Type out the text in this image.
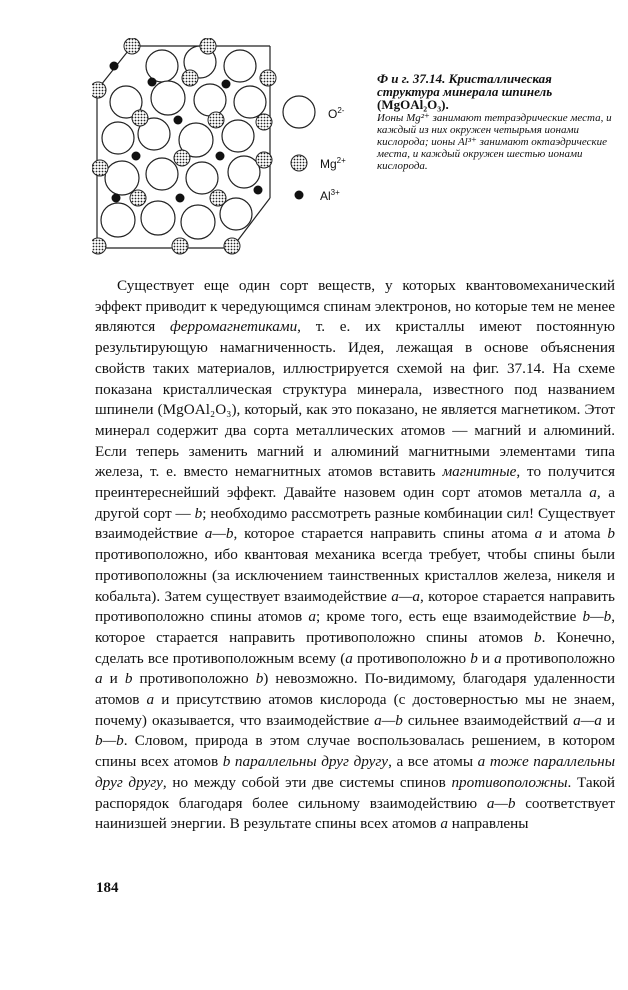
$O^{2-}$
$Mg^{2+}$
$Al^{3+}$
Ф и г. 37.14. Кристаллическая структура минерала шпинель (MgOAl₂O₃).
Ионы Mg²⁺ занимают тетраэдрические места, и каждый из них окружен четырьмя ионами кислорода; ионы Al³⁺ занимают октаэдрические места, и каждый окружен шестью ионами кислорода.

Существует еще один сорт веществ, у которых квантовомеханический эффект приводит к чередующимся спинам электронов, но которые тем не менее являются ферромагнетиками, т. е. их кристаллы имеют постоянную результирующую намагниченность. Идея, лежащая в основе объяснения свойств таких материалов, иллюстрируется схемой на фиг. 37.14. На схеме показана кристаллическая структура минерала, известного под названием шпинели (MgOAl₂O₃), который, как это показано, не является магнетиком. Этот минерал содержит два сорта металлических атомов — магний и алюминий. Если теперь заменить магний и алюминий магнитными элементами типа железа, т. е. вместо немагнитных атомов вставить магнитные, то получится преинтереснейший эффект. Давайте назовем один сорт атомов металла а, а другой сорт — b; необходимо рассмотреть разные комбинации сил! Существует взаимодействие а—b, которое старается направить спины атома а и атома b противоположно, ибо квантовая механика всегда требует, чтобы спины были противоположны (за исключением таинственных кристаллов железа, никеля и кобальта). Затем существует взаимодействие а—а, которое старается направить противоположно спины атомов а; кроме того, есть еще взаимодействие b—b, которое старается направить противоположно спины атомов b. Конечно, сделать все противоположным всему (а противоположно b и а противоположно а и b противоположно b) невозможно. По-видимому, благодаря удаленности атомов а и присутствию атомов кислорода (с достоверностью мы не знаем, почему) оказывается, что взаимодействие а—b сильнее взаимодействий а—а и b—b. Словом, природа в этом случае воспользовалась решением, в котором спины всех атомов b параллельны друг другу, а все атомы а тоже параллельны друг другу, но между собой эти две системы спинов противоположны. Такой распорядок благодаря более сильному взаимодействию а—b соответствует наинизшей энергии. В результате спины всех атомов а направлены

184
